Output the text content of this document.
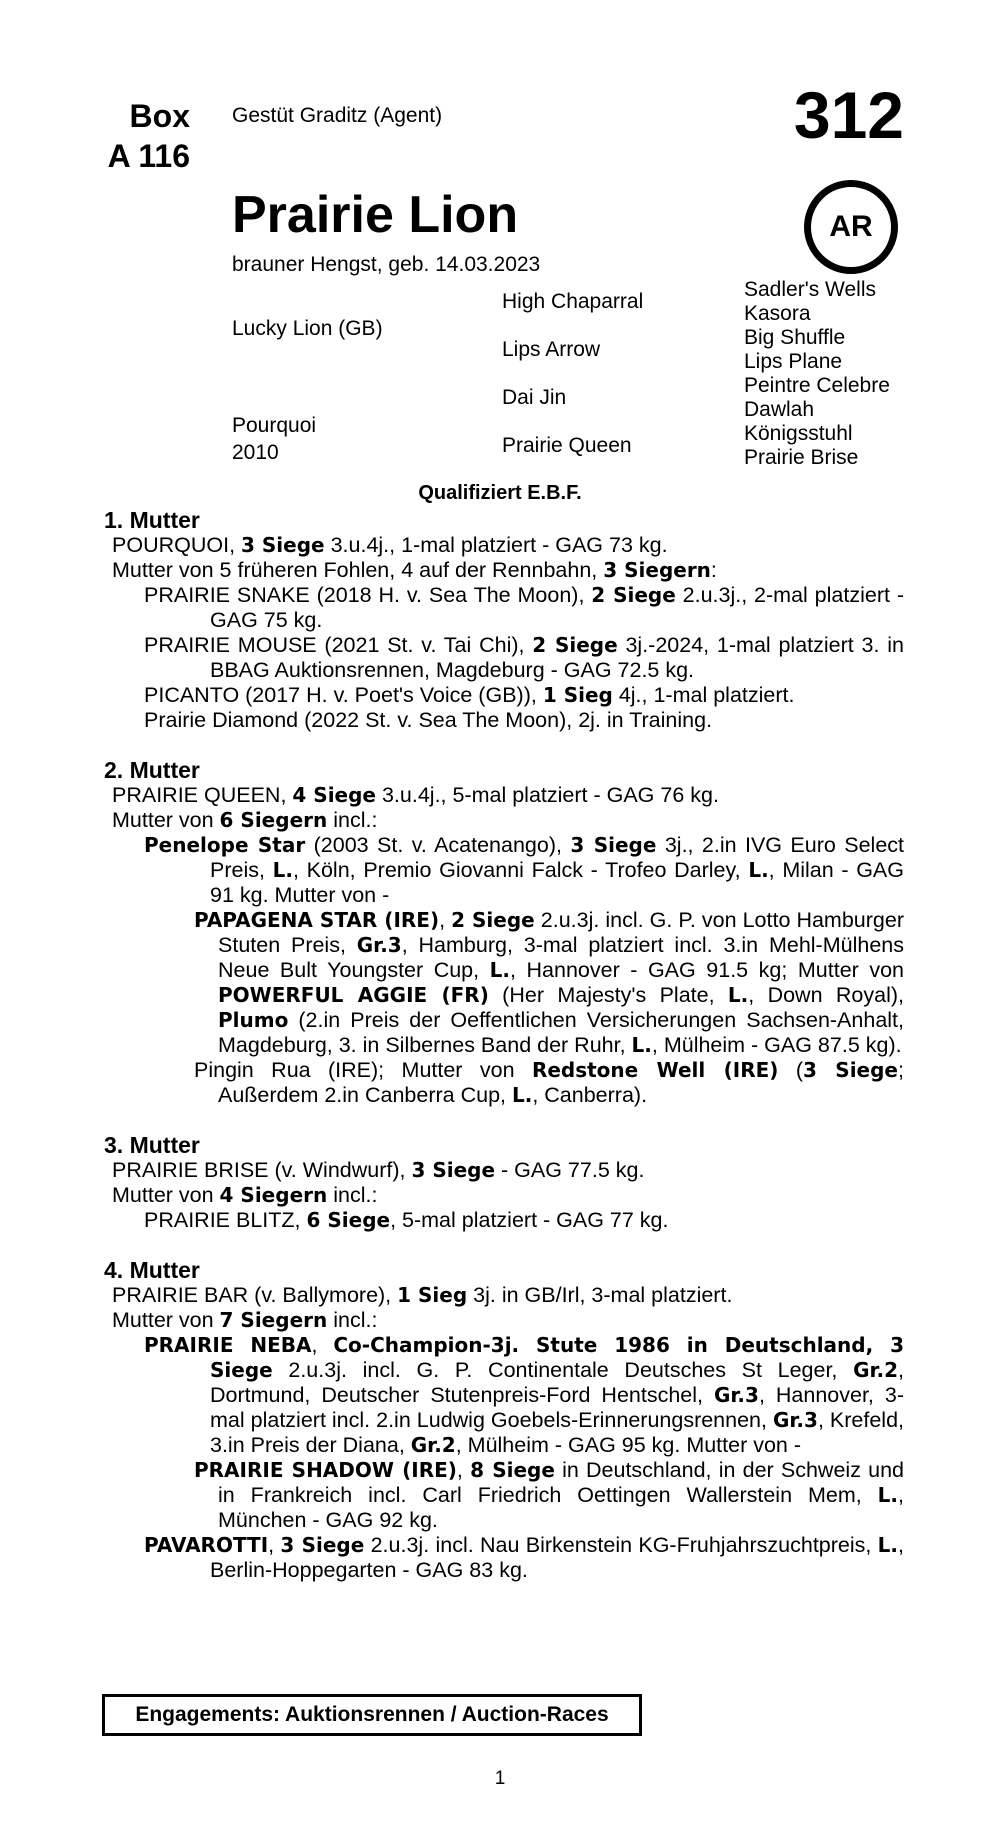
Box
A 116
Gestüt Graditz (Agent)	312
AR
Prairie Lion
brauner Hengst, geb. 14.03.2023
Lucky Lion (GB)
Pourquoi
2010
High Chaparral
Lips Arrow
Dai Jin
Prairie Queen
Sadler's Wells
Kasora
Big Shuffle
Lips Plane
Peintre Celebre
Dawlah
Königsstuhl
Prairie Brise
Qualifiziert E.B.F.
1. Mutter
POURQUOI, 3 Siege 3.u.4j., 1-mal platziert - GAG 73 kg.
Mutter von 5 früheren Fohlen, 4 auf der Rennbahn, 3 Siegern:
PRAIRIE SNAKE (2018 H. v. Sea The Moon), 2 Siege 2.u.3j., 2-mal platziert - GAG 75 kg.
PRAIRIE MOUSE (2021 St. v. Tai Chi), 2 Siege 3j.-2024, 1-mal platziert 3. in BBAG Auktionsrennen, Magdeburg - GAG 72.5 kg.
PICANTO (2017 H. v. Poet's Voice (GB)), 1 Sieg 4j., 1-mal platziert.
Prairie Diamond (2022 St. v. Sea The Moon), 2j. in Training.
2. Mutter
PRAIRIE QUEEN, 4 Siege 3.u.4j., 5-mal platziert - GAG 76 kg.
Mutter von 6 Siegern incl.:
Penelope Star (2003 St. v. Acatenango), 3 Siege 3j., 2.in IVG Euro Select Preis, L., Köln, Premio Giovanni Falck - Trofeo Darley, L., Milan - GAG 91 kg. Mutter von -
PAPAGENA STAR (IRE), 2 Siege 2.u.3j. incl. G. P. von Lotto Hamburger Stuten Preis, Gr.3, Hamburg, 3-mal platziert incl. 3.in Mehl-Mülhens Neue Bult Youngster Cup, L., Hannover - GAG 91.5 kg; Mutter von POWERFUL AGGIE (FR) (Her Majesty's Plate, L., Down Royal), Plumo (2.in Preis der Oeffentlichen Versicherungen Sachsen-Anhalt, Magdeburg, 3. in Silbernes Band der Ruhr, L., Mülheim - GAG 87.5 kg).
Pingin Rua (IRE); Mutter von Redstone Well (IRE) (3 Siege; Außerdem 2.in Canberra Cup, L., Canberra).
3. Mutter
PRAIRIE BRISE (v. Windwurf), 3 Siege - GAG 77.5 kg.
Mutter von 4 Siegern incl.:
PRAIRIE BLITZ, 6 Siege, 5-mal platziert - GAG 77 kg.
4. Mutter
PRAIRIE BAR (v. Ballymore), 1 Sieg 3j. in GB/Irl, 3-mal platziert.
Mutter von 7 Siegern incl.:
PRAIRIE NEBA, Co-Champion-3j. Stute 1986 in Deutschland, 3 Siege 2.u.3j. incl. G. P. Continentale Deutsches St Leger, Gr.2, Dortmund, Deutscher Stutenpreis-Ford Hentschel, Gr.3, Hannover, 3-mal platziert incl. 2.in Ludwig Goebels-Erinnerungsrennen, Gr.3, Krefeld, 3.in Preis der Diana, Gr.2, Mülheim - GAG 95 kg. Mutter von -
PRAIRIE SHADOW (IRE), 8 Siege in Deutschland, in der Schweiz und in Frankreich incl. Carl Friedrich Oettingen Wallerstein Mem, L., München - GAG 92 kg.
PAVAROTTI, 3 Siege 2.u.3j. incl. Nau Birkenstein KG-Fruhjahrszuchtpreis, L., Berlin-Hoppegarten - GAG 83 kg.
Engagements: Auktionsrennen / Auction-Races
1
